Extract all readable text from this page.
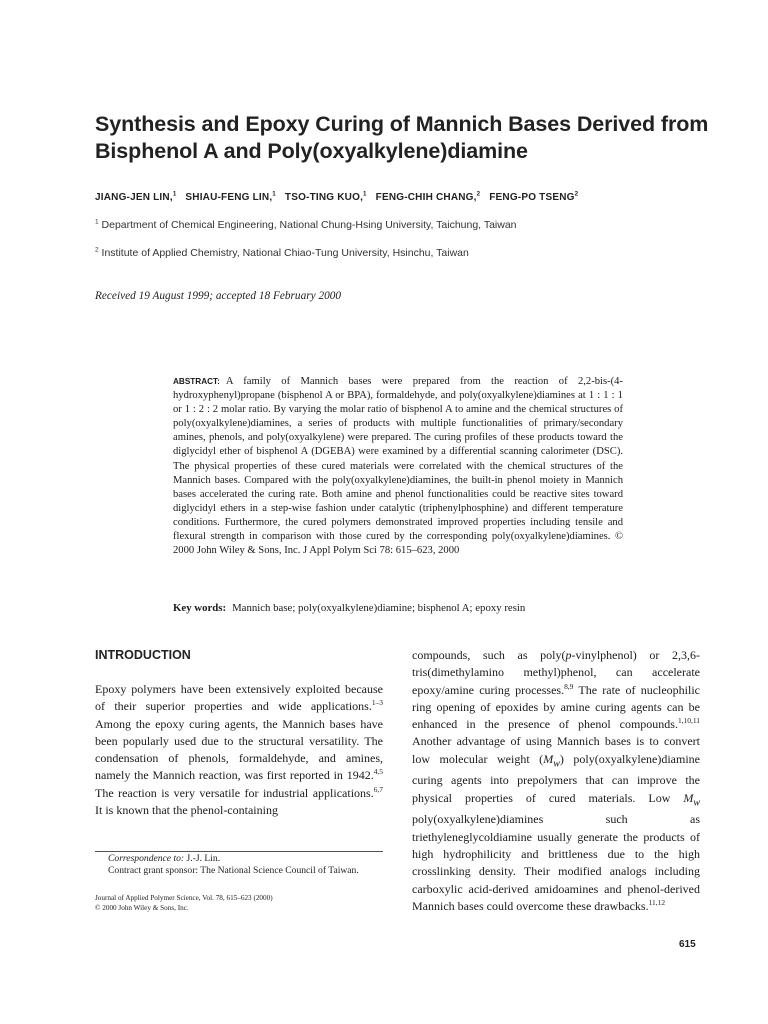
Synthesis and Epoxy Curing of Mannich Bases Derived from
Bisphenol A and Poly(oxyalkylene)diamine
JIANG-JEN LIN,$^1$ SHIAU-FENG LIN,$^1$ TSO-TING KUO,$^1$ FENG-CHIH CHANG,$^2$ FENG-PO TSENG$^2$
$^1$ Department of Chemical Engineering, National Chung-Hsing University, Taichung, Taiwan
$^2$ Institute of Applied Chemistry, National Chiao-Tung University, Hsinchu, Taiwan
Received 19 August 1999; accepted 18 February 2000
ABSTRACT: A family of Mannich bases were prepared from the reaction of 2,2-bis-(4-hydroxyphenyl)propane (bisphenol A or BPA), formaldehyde, and poly(oxyalkylene)diamines at 1 : 1 : 1 or 1 : 2 : 2 molar ratio. By varying the molar ratio of bisphenol A to amine and the chemical structures of poly(oxyalkylene)diamines, a series of products with multiple functionalities of primary/secondary amines, phenols, and poly(oxyalkylene) were prepared. The curing profiles of these products toward the diglycidyl ether of bisphenol A (DGEBA) were examined by a differential scanning calorimeter (DSC). The physical properties of these cured materials were correlated with the chemical structures of the Mannich bases. Compared with the poly(oxyalkylene)diamines, the built-in phenol moiety in Mannich bases accelerated the curing rate. Both amine and phenol functionalities could be reactive sites toward diglycidyl ethers in a step-wise fashion under catalytic (triphenylphosphine) and different temperature conditions. Furthermore, the cured polymers demonstrated improved properties including tensile and flexural strength in comparison with those cured by the corresponding poly(oxyalkylene)diamines. © 2000 John Wiley & Sons, Inc. J Appl Polym Sci 78: 615–623, 2000
Key words: Mannich base; poly(oxyalkylene)diamine; bisphenol A; epoxy resin
INTRODUCTION
Epoxy polymers have been extensively exploited because of their superior properties and wide applications.$^{1-3}$ Among the epoxy curing agents, the Mannich bases have been popularly used due to the structural versatility. The condensation of phenols, formaldehyde, and amines, namely the Mannich reaction, was first reported in 1942.$^{4,5}$ The reaction is very versatile for industrial applications.$^{6,7}$ It is known that the phenol-containing
compounds, such as poly(p-vinylphenol) or 2,3,6-tris(dimethylamino methyl)phenol, can accelerate epoxy/amine curing processes.$^{8,9}$ The rate of nucleophilic ring opening of epoxides by amine curing agents can be enhanced in the presence of phenol compounds.$^{1,10,11}$ Another advantage of using Mannich bases is to convert low molecular weight $(M_w)$ poly(oxyalkylene)diamine curing agents into prepolymers that can improve the physical properties of cured materials. Low $M_w$ poly(oxyalkylene)diamines such as triethyleneglycoldiamine usually generate the products of high hydrophilicity and brittleness due to the high crosslinking density. Their modified analogs including carboxylic acid-derived amidoamines and phenol-derived Mannich bases could overcome these drawbacks.$^{11,12}$
Correspondence to: J.-J. Lin.
Contract grant sponsor: The National Science Council of Taiwan.
Journal of Applied Polymer Science, Vol. 78, 615–623 (2000)
© 2000 John Wiley & Sons, Inc.
615
